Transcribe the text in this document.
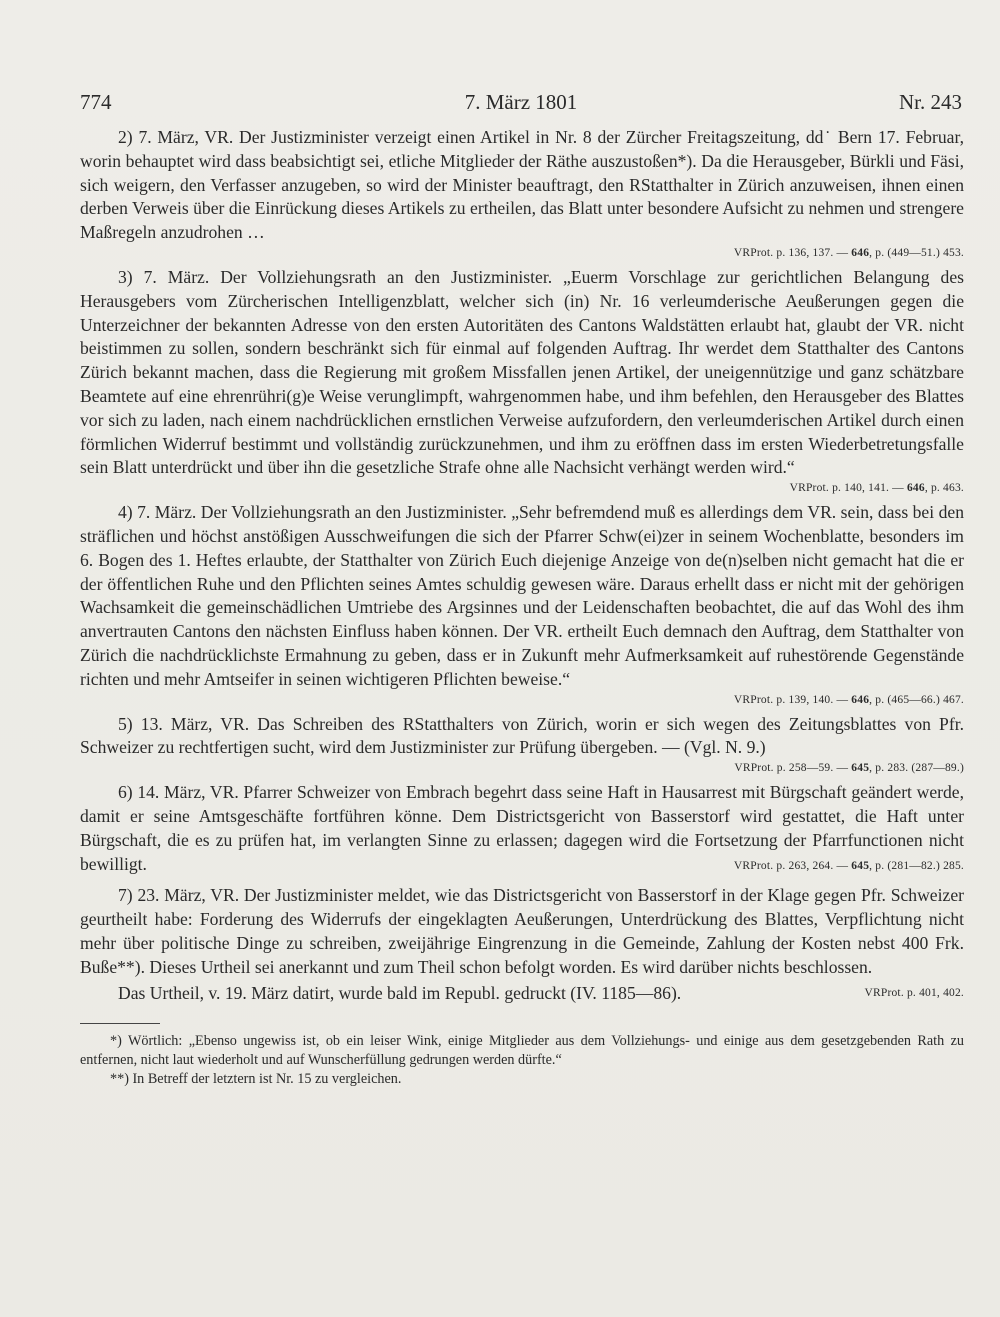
774	7. März 1801	Nr. 243

2) 7. März, VR. Der Justizminister verzeigt einen Artikel in Nr. 8 der Zürcher Freitagszeitung, dd˙ Bern 17. Februar, worin behauptet wird dass beabsichtigt sei, etliche Mitglieder der Räthe auszustoßen*). Da die Herausgeber, Bürkli und Fäsi, sich weigern, den Verfasser anzugeben, so wird der Minister beauftragt, den RStatthalter in Zürich anzuweisen, ihnen einen derben Verweis über die Einrückung dieses Artikels zu ertheilen, das Blatt unter besondere Aufsicht zu nehmen und strengere Maßregeln anzudrohen …

VRProt. p. 136, 137. — 646, p. (449—51.) 453.

3) 7. März. Der Vollziehungsrath an den Justizminister. „Euerm Vorschlage zur gerichtlichen Belangung des Herausgebers vom Zürcherischen Intelligenzblatt, welcher sich (in) Nr. 16 verleumderische Aeußerungen gegen die Unterzeichner der bekannten Adresse von den ersten Autoritäten des Cantons Waldstätten erlaubt hat, glaubt der VR. nicht beistimmen zu sollen, sondern beschränkt sich für einmal auf folgenden Auftrag. Ihr werdet dem Statthalter des Cantons Zürich bekannt machen, dass die Regierung mit großem Missfallen jenen Artikel, der uneigennützige und ganz schätzbare Beamtete auf eine ehrenrühri(g)e Weise verunglimpft, wahrgenommen habe, und ihm befehlen, den Herausgeber des Blattes vor sich zu laden, nach einem nachdrücklichen ernstlichen Verweise aufzufordern, den verleumderischen Artikel durch einen förmlichen Widerruf bestimmt und vollständig zurückzunehmen, und ihm zu eröffnen dass im ersten Wiederbetretungsfalle sein Blatt unterdrückt und über ihn die gesetzliche Strafe ohne alle Nachsicht verhängt werden wird.“

VRProt. p. 140, 141. — 646, p. 463.

4) 7. März. Der Vollziehungsrath an den Justizminister. „Sehr befremdend muß es allerdings dem VR. sein, dass bei den sträflichen und höchst anstößigen Ausschweifungen die sich der Pfarrer Schw(ei)zer in seinem Wochenblatte, besonders im 6. Bogen des 1. Heftes erlaubte, der Statthalter von Zürich Euch diejenige Anzeige von de(n)selben nicht gemacht hat die er der öffentlichen Ruhe und den Pflichten seines Amtes schuldig gewesen wäre. Daraus erhellt dass er nicht mit der gehörigen Wachsamkeit die gemeinschädlichen Umtriebe des Argsinnes und der Leidenschaften beobachtet, die auf das Wohl des ihm anvertrauten Cantons den nächsten Einfluss haben können. Der VR. ertheilt Euch demnach den Auftrag, dem Statthalter von Zürich die nachdrücklichste Ermahnung zu geben, dass er in Zukunft mehr Aufmerksamkeit auf ruhestörende Gegenstände richten und mehr Amtseifer in seinen wichtigeren Pflichten beweise.“

VRProt. p. 139, 140. — 646, p. (465—66.) 467.

5) 13. März, VR. Das Schreiben des RStatthalters von Zürich, worin er sich wegen des Zeitungsblattes von Pfr. Schweizer zu rechtfertigen sucht, wird dem Justizminister zur Prüfung übergeben. — (Vgl. N. 9.)

VRProt. p. 258—59. — 645, p. 283. (287—89.)

6) 14. März, VR. Pfarrer Schweizer von Embrach begehrt dass seine Haft in Hausarrest mit Bürgschaft geändert werde, damit er seine Amtsgeschäfte fortführen könne. Dem Districtsgericht von Basserstorf wird gestattet, die Haft unter Bürgschaft, die es zu prüfen hat, im verlangten Sinne zu erlassen; dagegen wird die Fortsetzung der Pfarrfunctionen nicht bewilligt.	VRProt. p. 263, 264. — 645, p. (281—82.) 285.

7) 23. März, VR. Der Justizminister meldet, wie das Districtsgericht von Basserstorf in der Klage gegen Pfr. Schweizer geurtheilt habe: Forderung des Widerrufs der eingeklagten Aeußerungen, Unterdrückung des Blattes, Verpflichtung nicht mehr über politische Dinge zu schreiben, zweijährige Eingrenzung in die Gemeinde, Zahlung der Kosten nebst 400 Frk. Buße**). Dieses Urtheil sei anerkannt und zum Theil schon befolgt worden. Es wird darüber nichts beschlossen.
VRProt. p. 401, 402.

Das Urtheil, v. 19. März datirt, wurde bald im Republ. gedruckt (IV. 1185—86).

*) Wörtlich: „Ebenso ungewiss ist, ob ein leiser Wink, einige Mitglieder aus dem Vollziehungs- und einige aus dem gesetzgebenden Rath zu entfernen, nicht laut wiederholt und auf Wunscherfüllung gedrungen werden dürfte.“

**) In Betreff der letztern ist Nr. 15 zu vergleichen.
